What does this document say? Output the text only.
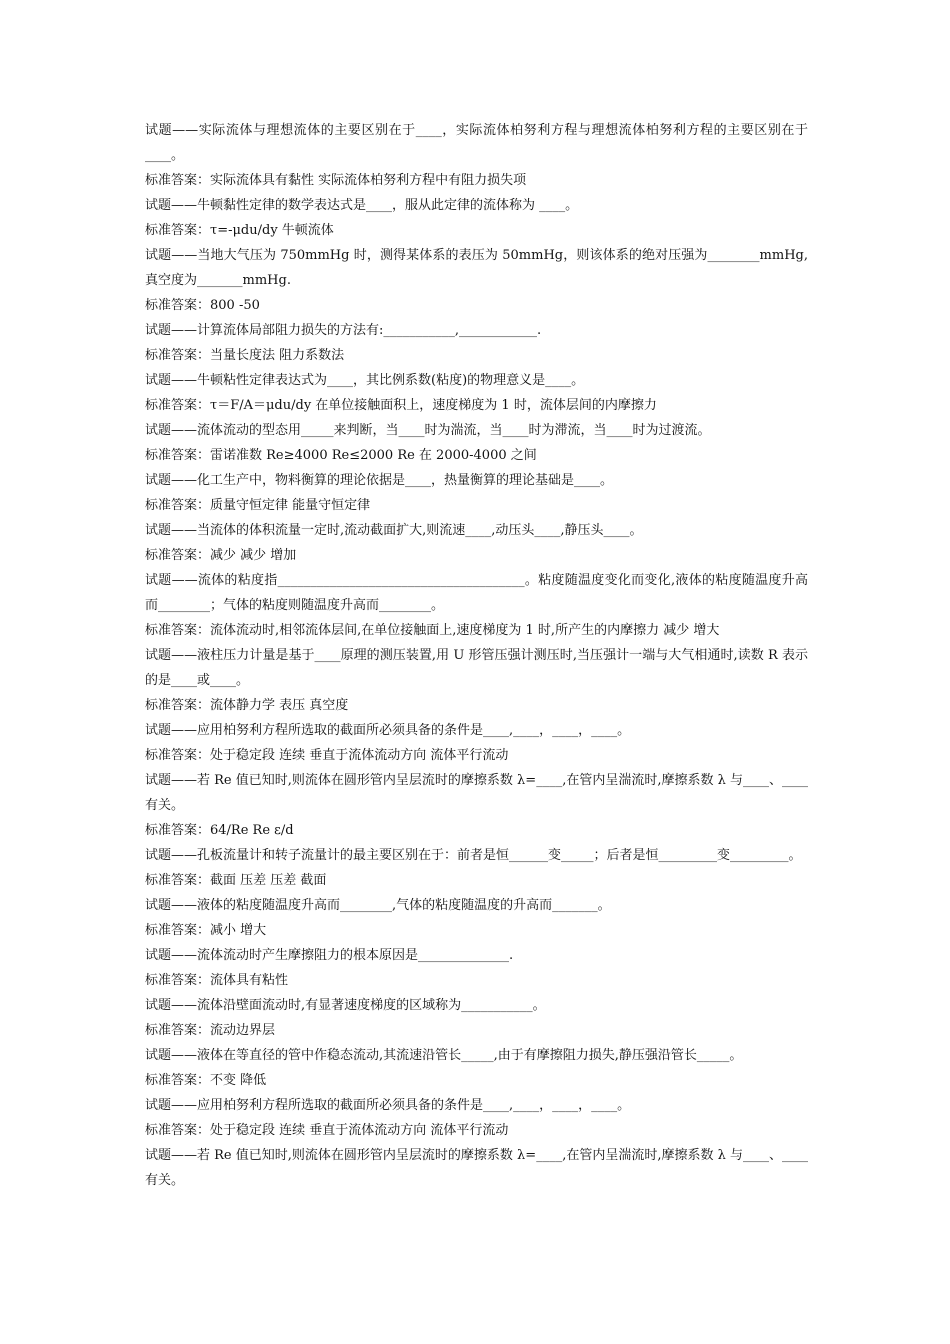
试题——实际流体与理想流体的主要区别在于____，实际流体柏努利方程与理想流体柏努利方程的主要区别在于____。
标准答案：实际流体具有黏性 实际流体柏努利方程中有阻力损失项
试题——牛顿黏性定律的数学表达式是____，服从此定律的流体称为 ____。
标准答案：τ=-μdu/dy 牛顿流体
试题——当地大气压为 750mmHg 时，测得某体系的表压为 50mmHg，则该体系的绝对压强为________mmHg, 真空度为_______mmHg.
标准答案：800 -50
试题——计算流体局部阻力损失的方法有:___________,____________.
标准答案：当量长度法 阻力系数法
试题——牛顿粘性定律表达式为____，其比例系数(粘度)的物理意义是____。
标准答案：τ＝F/A＝μdu/dy 在单位接触面积上，速度梯度为 1 时，流体层间的内摩擦力
试题——流体流动的型态用_____来判断，当____时为湍流，当____时为滞流，当____时为过渡流。
标准答案：雷诺准数 Re≥4000 Re≤2000 Re 在 2000-4000 之间
试题——化工生产中，物料衡算的理论依据是____，热量衡算的理论基础是____。
标准答案：质量守恒定律 能量守恒定律
试题——当流体的体积流量一定时,流动截面扩大,则流速____,动压头____,静压头____。
标准答案：减少 减少 增加
试题——流体的粘度指______________________________________。粘度随温度变化而变化,液体的粘度随温度升高而________；气体的粘度则随温度升高而________。
标准答案：流体流动时,相邻流体层间,在单位接触面上,速度梯度为 1 时,所产生的内摩擦力 减少 增大
试题——液柱压力计量是基于____原理的测压装置,用 U 形管压强计测压时,当压强计一端与大气相通时,读数 R 表示的是____或____。
标准答案：流体静力学 表压 真空度
试题——应用柏努利方程所选取的截面所必须具备的条件是____,____，____，____。
标准答案：处于稳定段 连续 垂直于流体流动方向 流体平行流动
试题——若 Re 值已知时,则流体在圆形管内呈层流时的摩擦系数 λ=____,在管内呈湍流时,摩擦系数 λ 与____、____有关。
标准答案：64/Re Re ε/d
试题——孔板流量计和转子流量计的最主要区别在于：前者是恒______变_____；后者是恒_________变_________。
标准答案：截面 压差 压差 截面
试题——液体的粘度随温度升高而________,气体的粘度随温度的升高而_______。
标准答案：减小 增大
试题——流体流动时产生摩擦阻力的根本原因是______________.
标准答案：流体具有粘性
试题——流体沿壁面流动时,有显著速度梯度的区域称为___________。
标准答案：流动边界层
试题——液体在等直径的管中作稳态流动,其流速沿管长_____,由于有摩擦阻力损失,静压强沿管长_____。
标准答案：不变 降低
试题——应用柏努利方程所选取的截面所必须具备的条件是____,____，____，____。
标准答案：处于稳定段 连续 垂直于流体流动方向 流体平行流动
试题——若 Re 值已知时,则流体在圆形管内呈层流时的摩擦系数 λ=____,在管内呈湍流时,摩擦系数 λ 与____、____有关。
